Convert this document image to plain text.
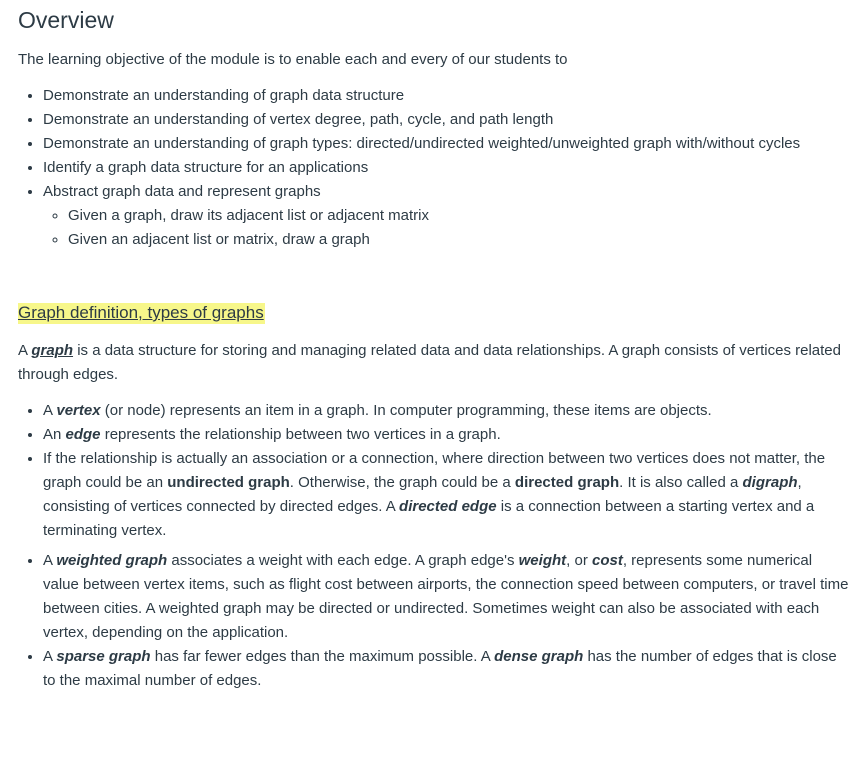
Overview

The learning objective of the module is to enable each and every of our students to

• Demonstrate an understanding of graph data structure
• Demonstrate an understanding of vertex degree, path, cycle, and path length
• Demonstrate an understanding of graph types: directed/undirected weighted/unweighted graph with/without cycles
• Identify a graph data structure for an applications
• Abstract graph data and represent graphs
◦ Given a graph, draw its adjacent list or adjacent matrix
◦ Given an adjacent list or matrix, draw a graph
Graph definition, types of graphs

A graph is a data structure for storing and managing related data and data relationships. A graph consists of vertices related through edges.

• A vertex (or node) represents an item in a graph. In computer programming, these items are objects.
• An edge represents the relationship between two vertices in a graph.
• If the relationship is actually an association or a connection, where direction between two vertices does not matter, the graph could be an undirected graph. Otherwise, the graph could be a directed graph. It is also called a digraph, consisting of vertices connected by directed edges. A directed edge is a connection between a starting vertex and a terminating vertex.
• A weighted graph associates a weight with each edge. A graph edge's weight, or cost, represents some numerical value between vertex items, such as flight cost between airports, the connection speed between computers, or travel time between cities. A weighted graph may be directed or undirected. Sometimes weight can also be associated with each vertex, depending on the application.
• A sparse graph has far fewer edges than the maximum possible. A dense graph has the number of edges that is close to the maximal number of edges.
